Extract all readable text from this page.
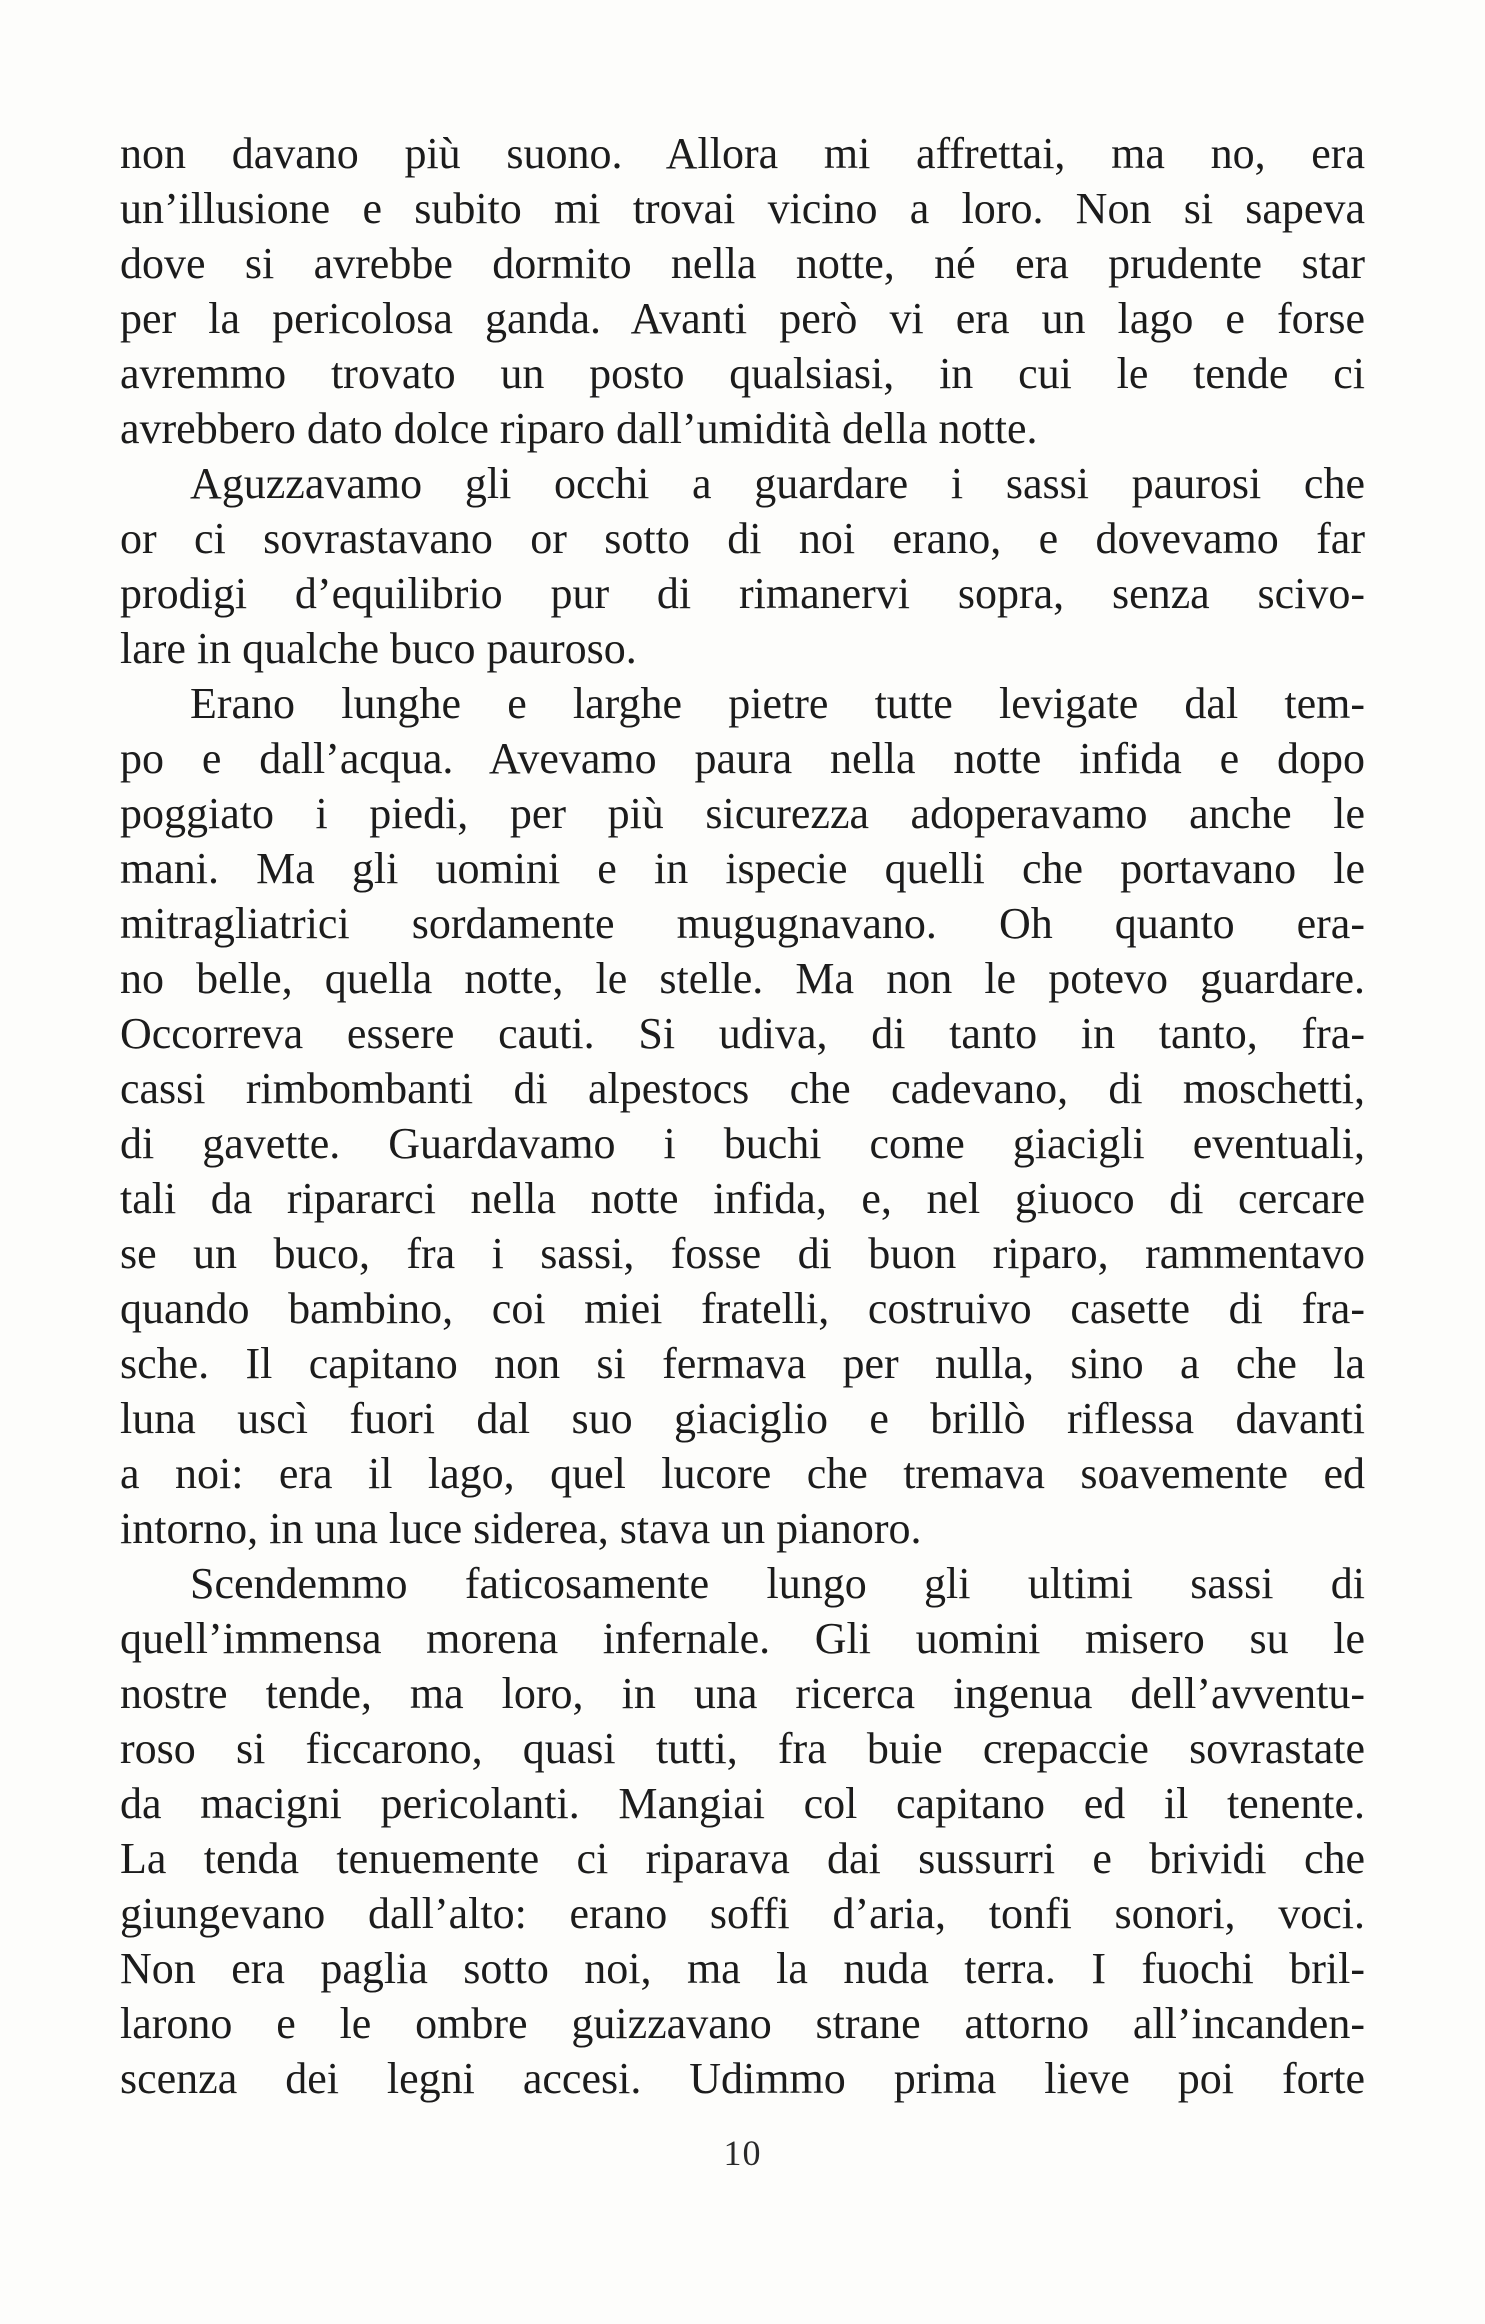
non davano più suono. Allora mi affrettai, ma no, era
un’illusione e subito mi trovai vicino a loro. Non si sapeva
dove si avrebbe dormito nella notte, né era prudente star
per la pericolosa ganda. Avanti però vi era un lago e forse
avremmo trovato un posto qualsiasi, in cui le tende ci
avrebbero dato dolce riparo dall’umidità della notte.
Aguzzavamo gli occhi a guardare i sassi paurosi che
or ci sovrastavano or sotto di noi erano, e dovevamo far
prodigi d’equilibrio pur di rimanervi sopra, senza scivo-
lare in qualche buco pauroso.
Erano lunghe e larghe pietre tutte levigate dal tem-
po e dall’acqua. Avevamo paura nella notte infida e dopo
poggiato i piedi, per più sicurezza adoperavamo anche le
mani. Ma gli uomini e in ispecie quelli che portavano le
mitragliatrici sordamente mugugnavano. Oh quanto era-
no belle, quella notte, le stelle. Ma non le potevo guardare.
Occorreva essere cauti. Si udiva, di tanto in tanto, fra-
cassi rimbombanti di alpestocs che cadevano, di moschetti,
di gavette. Guardavamo i buchi come giacigli eventuali,
tali da ripararci nella notte infida, e, nel giuoco di cercare
se un buco, fra i sassi, fosse di buon riparo, rammentavo
quando bambino, coi miei fratelli, costruivo casette di fra-
sche. Il capitano non si fermava per nulla, sino a che la
luna uscì fuori dal suo giaciglio e brillò riflessa davanti
a noi: era il lago, quel lucore che tremava soavemente ed
intorno, in una luce siderea, stava un pianoro.
Scendemmo faticosamente lungo gli ultimi sassi di
quell’immensa morena infernale. Gli uomini misero su le
nostre tende, ma loro, in una ricerca ingenua dell’avventu-
roso si ficcarono, quasi tutti, fra buie crepaccie sovrastate
da macigni pericolanti. Mangiai col capitano ed il tenente.
La tenda tenuemente ci riparava dai sussurri e brividi che
giungevano dall’alto: erano soffi d’aria, tonfi sonori, voci.
Non era paglia sotto noi, ma la nuda terra. I fuochi bril-
larono e le ombre guizzavano strane attorno all’incanden-
scenza dei legni accesi. Udimmo prima lieve poi forte
10
